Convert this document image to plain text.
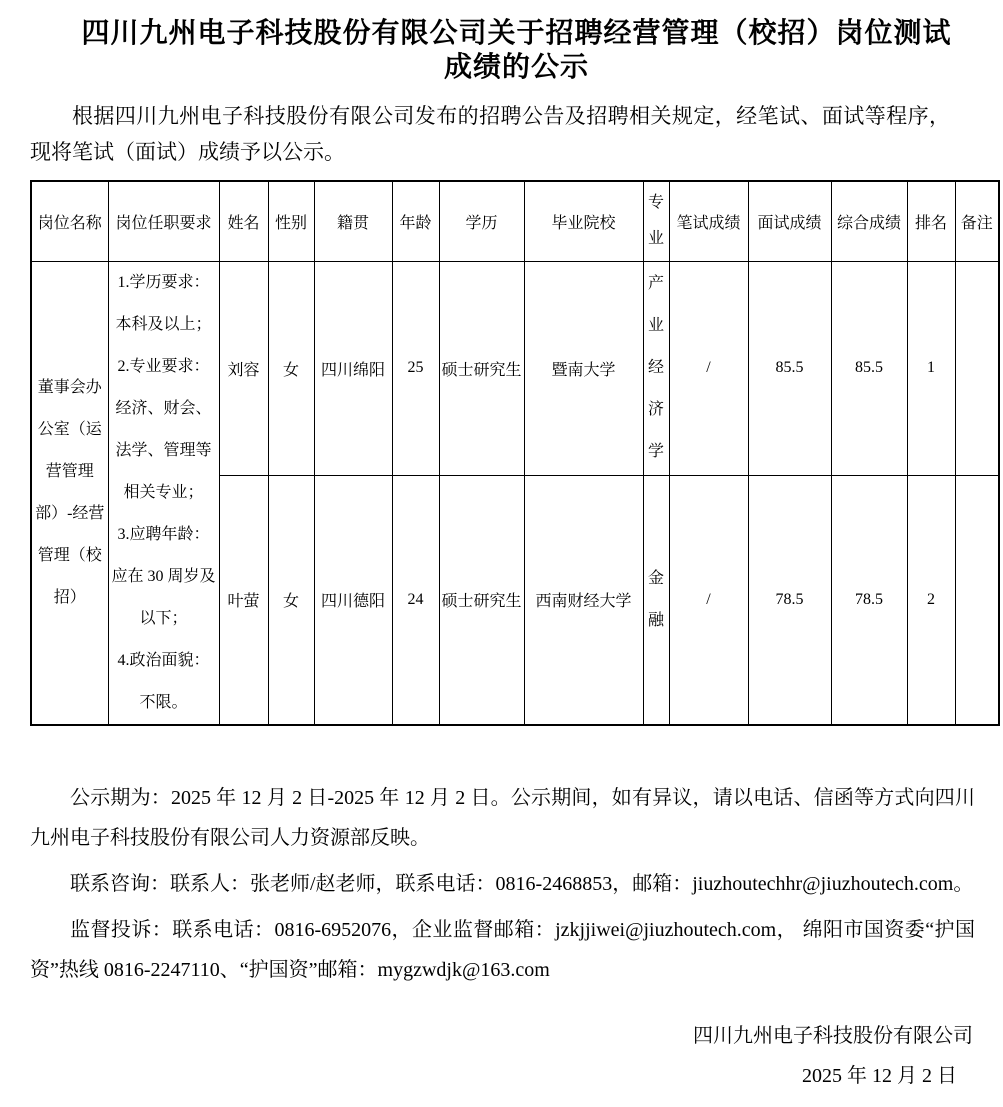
四川九州电子科技股份有限公司关于招聘经营管理（校招）岗位测试成绩的公示

根据四川九州电子科技股份有限公司发布的招聘公告及招聘相关规定，经笔试、面试等程序，现将笔试（面试）成绩予以公示。

岗位名称	岗位任职要求	姓名	性别	籍贯	年龄	学历	毕业院校	专业	笔试成绩	面试成绩	综合成绩	排名	备注
董事会办公室（运营管理部）-经营管理（校招）	1.学历要求：本科及以上；

2.专业要求：经济、财会、法学、管理等相关专业；

3.应聘年龄：应在 30 周岁及以下；

4.政治面貌：不限。	刘容	女	四川绵阳	25	硕士研究生	暨南大学	产业经济学	/	85.5	85.5	1	
		叶萤	女	四川德阳	24	硕士研究生	西南财经大学	金融	/	78.5	78.5	2	

公示期为：2025 年 12 月 2 日-2025 年 12 月 2 日。公示期间，如有异议，请以电话、信函等方式向四川九州电子科技股份有限公司人力资源部反映。

联系咨询：联系人：张老师/赵老师，联系电话：0816-2468853，邮箱：jiuzhoutechhr@jiuzhoutech.com。

监督投诉：联系电话：0816-6952076，企业监督邮箱：jzkjjiwei@jiuzhoutech.com， 绵阳市国资委“护国资”热线 0816-2247110、“护国资”邮箱：mygzwdjk@163.com

四川九州电子科技股份有限公司
2025 年 12 月 2 日
